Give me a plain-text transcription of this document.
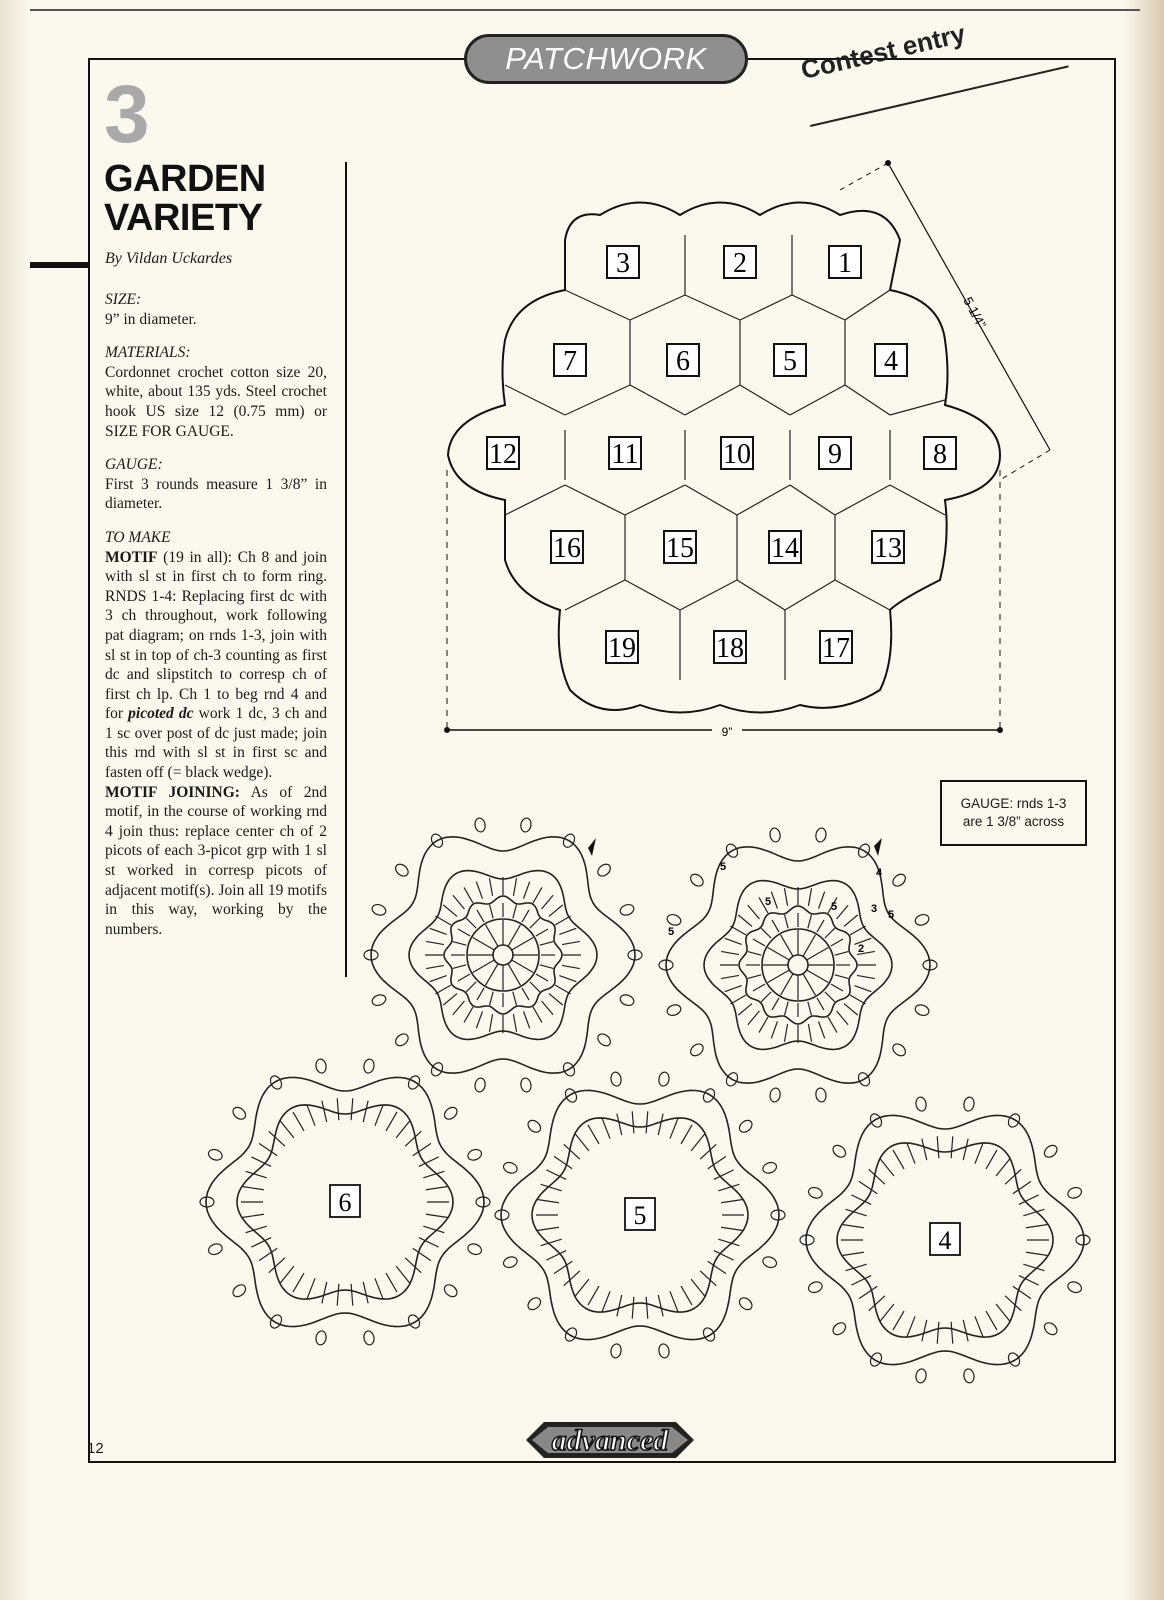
PATCHWORK	Contest entry
3
GARDEN
VARIETY
By Vildan Uckardes
SIZE:
9” in diameter.
MATERIALS:
Cordonnet crochet cotton size 20, white, about 135 yds. Steel crochet hook US size 12 (0.75 mm) or SIZE FOR GAUGE.
GAUGE:
First 3 rounds measure 1 3/8” in diameter.
TO MAKE
MOTIF (19 in all): Ch 8 and join with sl st in first ch to form ring. RNDS 1-4: Replacing first dc with 3 ch throughout, work following pat diagram; on rnds 1-3, join with sl st in top of ch-3 counting as first dc and slipstitch to corresp ch of first ch lp. Ch 1 to beg rnd 4 and for picoted dc work 1 dc, 3 ch and 1 sc over post of dc just made; join this rnd with sl st in first sc and fasten off (= black wedge).
MOTIF JOINING: As of 2nd motif, in the course of working rnd 4 join thus: replace center ch of 2 picots of each 3-picot grp with 1 sl st worked in corresp picots of adjacent motif(s). Join all 19 motifs in this way, working by the numbers.
3	2	1
7	6	5	4
12	11	10	9	8
16	15	14	13
19	18	17
9”
5 1/4”
6	5
4
5
5
5	5
5
4
3
2
GAUGE: rnds 1-3
are 1 3/8” across
12	advanced
